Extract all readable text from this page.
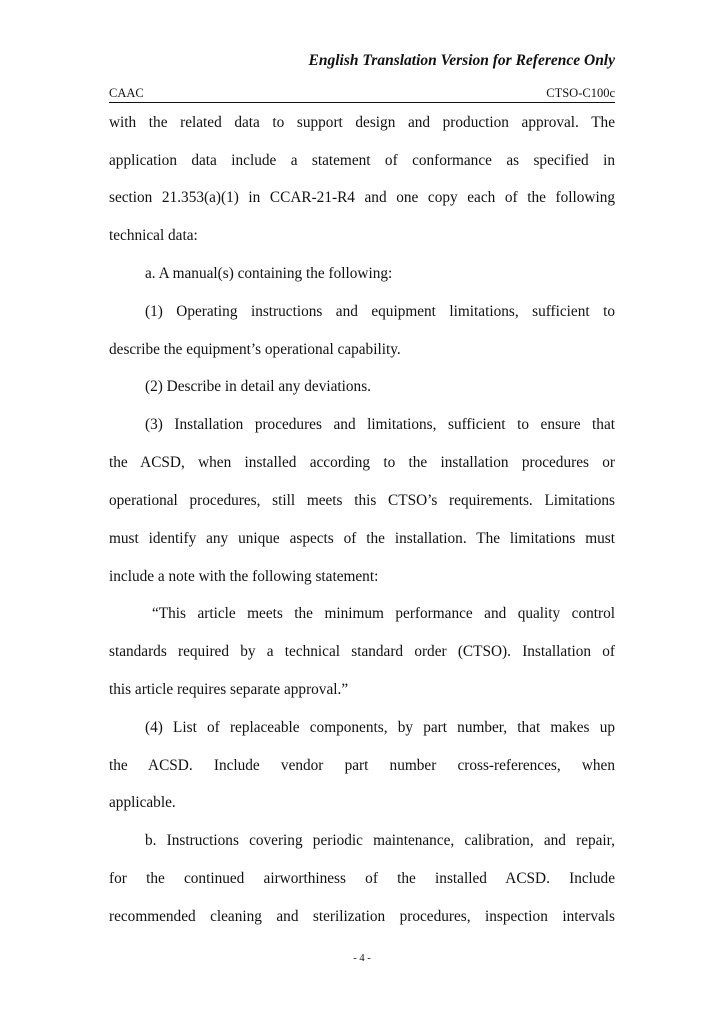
English Translation Version for Reference Only
CAAC	CTSO-C100c
with the related data to support design and production approval. The
application data include a statement of conformance as specified in
section 21.353(a)(1) in CCAR-21-R4 and one copy each of the following
technical data:
a. A manual(s) containing the following:
(1) Operating instructions and equipment limitations, sufficient to
describe the equipment’s operational capability.
(2) Describe in detail any deviations.
(3) Installation procedures and limitations, sufficient to ensure that
the ACSD, when installed according to the installation procedures or
operational procedures, still meets this CTSO’s requirements. Limitations
must identify any unique aspects of the installation. The limitations must
include a note with the following statement:
“This article meets the minimum performance and quality control
standards required by a technical standard order (CTSO). Installation of
this article requires separate approval.”
(4) List of replaceable components, by part number, that makes up
the ACSD. Include vendor part number cross-references, when
applicable.
b. Instructions covering periodic maintenance, calibration, and repair,
for the continued airworthiness of the installed ACSD. Include
recommended cleaning and sterilization procedures, inspection intervals
- 4 -
